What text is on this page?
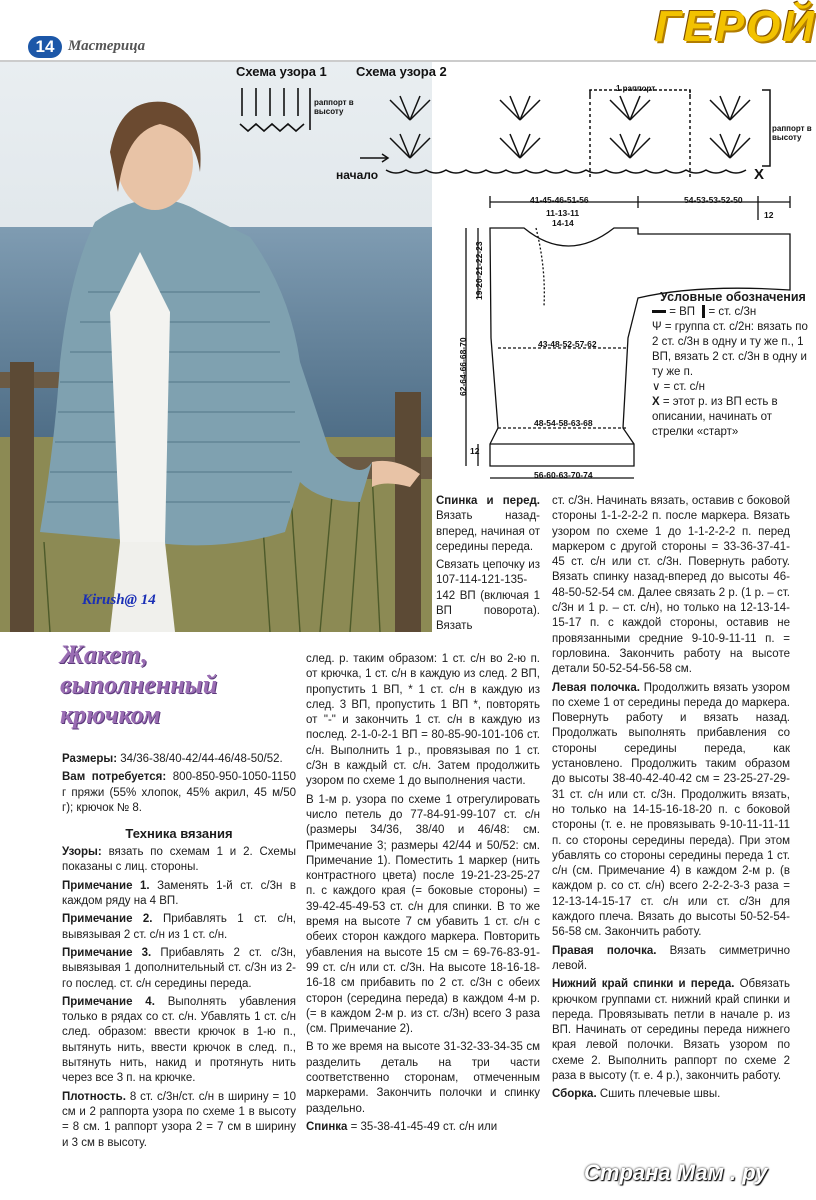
14 Мастерица	ГЕРОЙ
Kirush@ 14
Схема узора 1 Схема узора 2
раппорт в высоту
1 раппорт
раппорт в высоту
начало	X
41-45-46-51-56	54-53-53-52-50
11-13-11
14-14
12
19-20-21-22-23
62-64-66-68-70	43-48-52-57-62
48-54-58-63-68
12
56-60-63-70-74
Условные обозначения
= ВП = ст. с/3н
Ψ = группа ст. с/2н: вязать по 2 ст. с/3н в одну и ту же п., 1 ВП, вязать 2 ст. с/3н в одну и ту же п.
∨ = ст. с/н
X = этот р. из ВП есть в описании, начинать от стрелки «старт»
Жакет, выполненный крючком

Размеры: 34/36-38/40-42/44-46/48-50/52.

Вам потребуется: 800-850-950-1050-1150 г пряжи (55% хлопок, 45% акрил, 45 м/50 г); крючок № 8.

Техника вязания

Узоры: вязать по схемам 1 и 2. Схемы показаны с лиц. стороны.

Примечание 1. Заменять 1-й ст. с/3н в каждом ряду на 4 ВП.

Примечание 2. Прибавлять 1 ст. с/н, вывязывая 2 ст. с/н из 1 ст. с/н.

Примечание 3. Прибавлять 2 ст. с/3н, вывязывая 1 дополнительный ст. с/3н из 2-го послед. ст. с/н середины переда.

Примечание 4. Выполнять убавления только в рядах со ст. с/н. Убавлять 1 ст. с/н след. образом: ввести крючок в 1-ю п., вытянуть нить, ввести крючок в след. п., вытянуть нить, накид и протянуть нить через все 3 п. на крючке.

Плотность. 8 ст. с/3н/ст. с/н в ширину = 10 см и 2 раппорта узора по схеме 1 в высоту = 8 см. 1 раппорт узора 2 = 7 см в ширину и 3 см в высоту.

Спинка и перед. Вязать назад-вперед, начиная от середины переда.

Связать цепочку из 107-114-121-135-142 ВП (включая 1 ВП поворота). Вязать

след. р. таким образом: 1 ст. с/н во 2-ю п. от крючка, 1 ст. с/н в каждую из след. 2 ВП, пропустить 1 ВП, * 1 ст. с/н в каждую из след. 3 ВП, пропустить 1 ВП *, повторять от "-" и закончить 1 ст. с/н в каждую из послед. 2-1-0-2-1 ВП = 80-85-90-101-106 ст. с/н. Выполнить 1 р., провязывая по 1 ст. с/3н в каждый ст. с/н. Затем продолжить узором по схеме 1 до выполнения части.

В 1-м р. узора по схеме 1 отрегулировать число петель до 77-84-91-99-107 ст. с/н (размеры 34/36, 38/40 и 46/48: см. Примечание 3; размеры 42/44 и 50/52: см. Примечание 1). Поместить 1 маркер (нить контрастного цвета) после 19-21-23-25-27 п. с каждого края (= боковые стороны) = 39-42-45-49-53 ст. с/н для спинки. В то же время на высоте 7 см убавить 1 ст. с/н с обеих сторон каждого маркера. Повторить убавления на высоте 15 см = 69-76-83-91-99 ст. с/н или ст. с/3н. На высоте 18-16-18-16-18 см прибавить по 2 ст. с/3н с обеих сторон (середина переда) в каждом 4-м р. (= в каждом 2-м р. из ст. с/3н) всего 3 раза (см. Примечание 2).

В то же время на высоте 31-32-33-34-35 см разделить деталь на три части соответственно сторонам, отмеченным маркерами. Закончить полочки и спинку раздельно.

Спинка = 35-38-41-45-49 ст. с/н или

ст. с/3н. Начинать вязать, оставив с боковой стороны 1-1-2-2-2 п. после маркера. Вязать узором по схеме 1 до 1-1-2-2-2 п. перед маркером с другой стороны = 33-36-37-41-45 ст. с/н или ст. с/3н. Повернуть работу. Вязать спинку назад-вперед до высоты 46-48-50-52-54 см. Далее связать 2 р. (1 р. – ст. с/3н и 1 р. – ст. с/н), но только на 12-13-14-15-17 п. с каждой стороны, оставив не провязанными средние 9-10-9-11-11 п. = горловина. Закончить работу на высоте детали 50-52-54-56-58 см.

Левая полочка. Продолжить вязать узором по схеме 1 от середины переда до маркера. Повернуть работу и вязать назад. Продолжать выполнять прибавления со стороны середины переда, как установлено. Продолжить таким образом до высоты 38-40-42-40-42 см = 23-25-27-29-31 ст. с/н или ст. с/3н. Продолжить вязать, но только на 14-15-16-18-20 п. с боковой стороны (т. е. не провязывать 9-10-11-11-11 п. со стороны середины переда). При этом убавлять со стороны середины переда 1 ст. с/н (см. Примечание 4) в каждом 2-м р. (в каждом р. со ст. с/н) всего 2-2-2-3-3 раза = 12-13-14-15-17 ст. с/н или ст. с/3н для каждого плеча. Вязать до высоты 50-52-54-56-58 см. Закончить работу.

Правая полочка. Вязать симметрично левой.

Нижний край спинки и переда. Обвязать крючком группами ст. нижний край спинки и переда. Провязывать петли в начале р. из ВП. Начинать от середины переда нижнего края левой полочки. Вязать узором по схеме 2. Выполнить раппорт по схеме 2 раза в высоту (т. е. 4 р.), закончить работу.

Сборка. Сшить плечевые швы.

Страна Мам . ру
